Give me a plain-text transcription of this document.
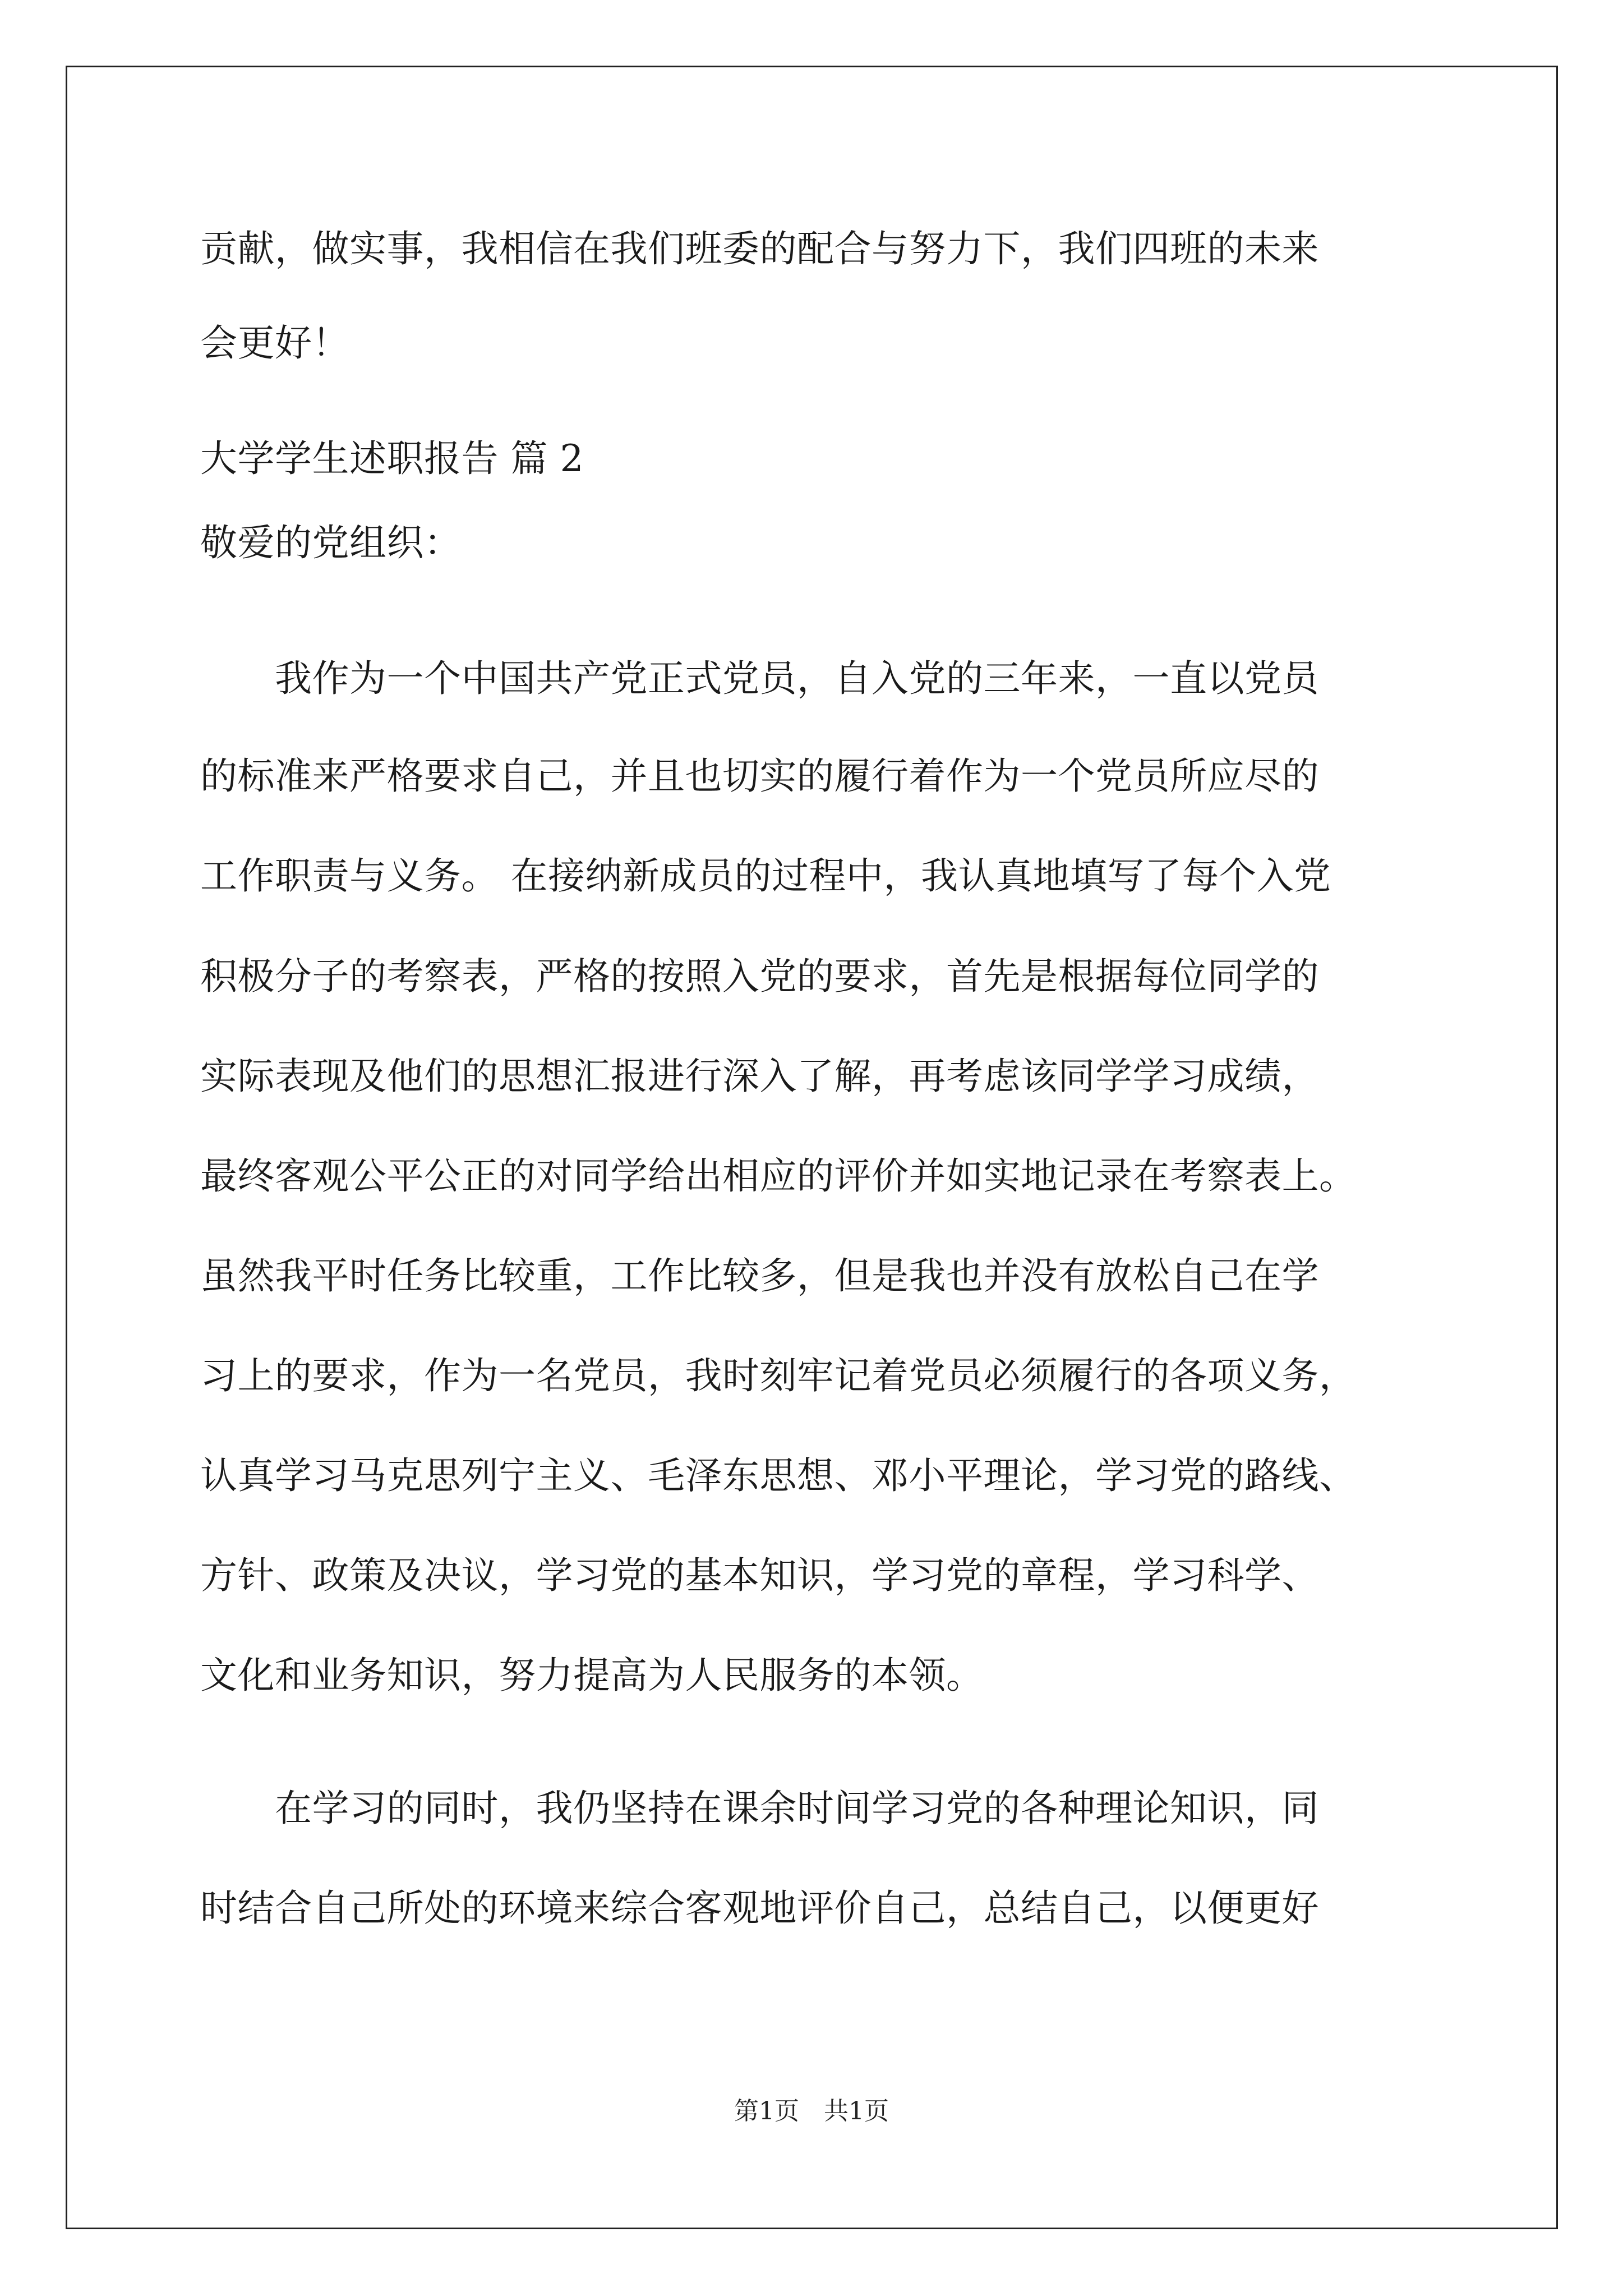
贡献，做实事，我相信在我们班委的配合与努力下，我们四班的未来
会更好！
大学学生述职报告 篇 2
敬爱的党组织：
我作为一个中国共产党正式党员，自入党的三年来，一直以党员
的标准来严格要求自己，并且也切实的履行着作为一个党员所应尽的
工作职责与义务。 在接纳新成员的过程中，我认真地填写了每个入党
积极分子的考察表，严格的按照入党的要求，首先是根据每位同学的
实际表现及他们的思想汇报进行深入了解，再考虑该同学学习成绩，
最终客观公平公正的对同学给出相应的评价并如实地记录在考察表上。
虽然我平时任务比较重，工作比较多，但是我也并没有放松自己在学
习上的要求，作为一名党员，我时刻牢记着党员必须履行的各项义务，
认真学习马克思列宁主义、毛泽东思想、邓小平理论，学习党的路线、
方针、政策及决议，学习党的基本知识，学习党的章程，学习科学、
文化和业务知识，努力提高为人民服务的本领。
在学习的同时，我仍坚持在课余时间学习党的各种理论知识，同
时结合自己所处的环境来综合客观地评价自己，总结自己，以便更好
第1页　共1页
